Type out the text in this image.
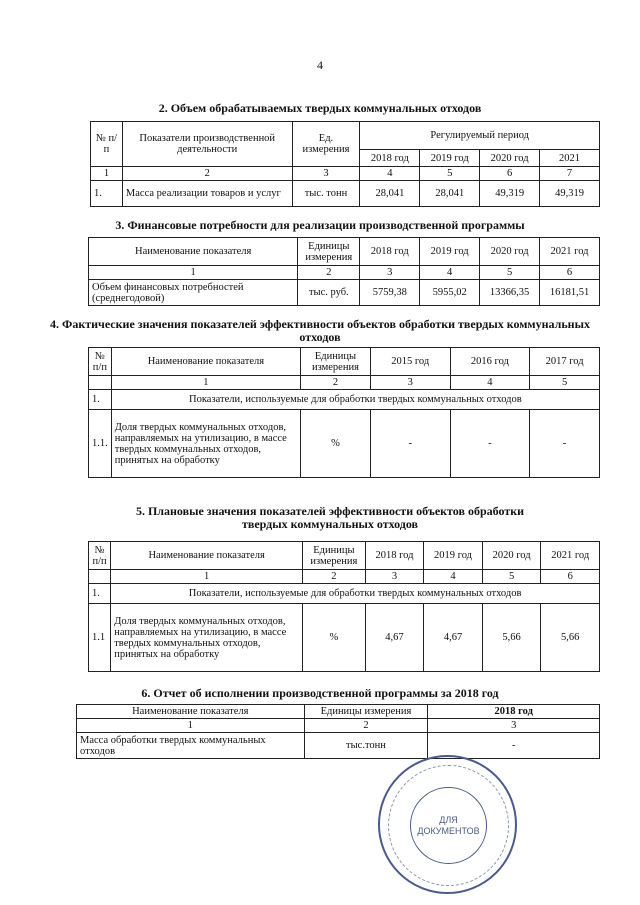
4
2. Объем обрабатываемых твердых коммунальных отходов
№ п/п	Показатели производственной деятельности	Ед. измерения	Регулируемый период			
			2018 год	2019 год	2020 год	2021
1	2	3	4	5	6	7
1.	Масса реализации товаров и услуг	тыс. тонн	28,041	28,041	49,319	49,319
3. Финансовые потребности для реализации производственной программы
Наименование показателя	Единицы измерения	2018 год	2019 год	2020 год	2021 год
1	2	3	4	5	6
Объем финансовых потребностей (среднегодовой)	тыс. руб.	5759,38	5955,02	13366,35	16181,51
4. Фактические значения показателей эффективности объектов обработки твердых коммунальных отходов
№ п/п	Наименование показателя	Единицы измерения	2015 год	2016 год	2017 год
	1	2	3	4	5
1.	Показатели, используемые для обработки твердых коммунальных отходов				
1.1.	Доля твердых коммунальных отходов, направляемых на утилизацию, в массе твердых коммунальных отходов, принятых на обработку	%	-	-	-
5. Плановые значения показателей эффективности объектов обработки твердых коммунальных отходов
№ п/п	Наименование показателя	Единицы измерения	2018 год	2019 год	2020 год	2021 год
	1	2	3	4	5	6
1.	Показатели, используемые для обработки твердых коммунальных отходов					
1.1	Доля твердых коммунальных отходов, направляемых на утилизацию, в массе твердых коммунальных отходов, принятых на обработку	%	4,67	4,67	5,66	5,66
6. Отчет об исполнении производственной программы за 2018 год
Наименование показателя	Единицы измерения	2018 год
1	2	3
Масса обработки твердых коммунальных отходов	тыс.тонн	-
ДЛЯ ДОКУМЕНТОВ
